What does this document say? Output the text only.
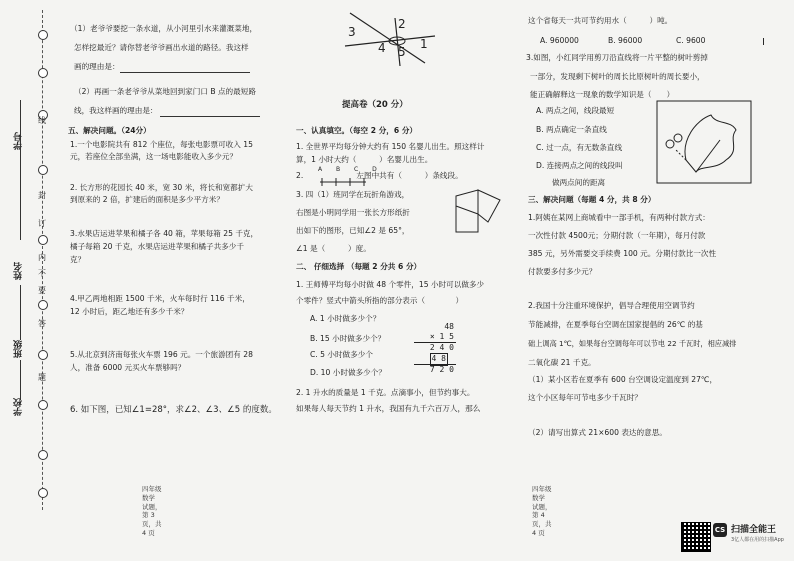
线
封
订
内
不
要
答
题
学号
姓名
班级
学校
（1）老爷爷要挖一条水道，从小河里引水来灌溉菜地，
怎样挖最近？请你替老爷爷画出水道的路径。我这样
画的理由是：
（2）再画一条老爷爷从菜地回到家门口 B 点的最短路
线，我这样画的理由是：
五、解决问题。（24分）
1.一个电影院共有 812 个座位，每张电影票可收入 15
元，若座位全部坐满，这一场电影能收入多少元？
2. 长方形的花园长 40 米，宽 30 米，将长和宽都扩大
到原来的 2 倍，扩建后的面积是多少平方米？
3.水果店运进苹果和橘子各 40 箱，苹果每箱 25 千克，
橘子每箱 20 千克，水果店运进苹果和橘子共多少千
克？
4.甲乙两地相距 1500 千米，火车每时行 116 千米，
12 小时后，距乙地还有多少千米？
5.从北京到济南每张火车票 196 元。一个旅游团有 28
人，准备 6000 元买火车票够吗？
6. 如下图，已知∠1=28°，求∠2、∠3、∠5 的度数。
四年级　数学　　试题，第 3 页，共 4 页
2
3
4 5
1
提高卷（20 分）
一、认真填空。（每空 2 分，6 分）
1. 全世界平均每分钟大约有 150 名婴儿出生。照这样计
算，1 小时大约（　　　）名婴儿出生。
2.　　　　　　　左图中共有（　　　）条线段。
A B C D
3. 四（1）班同学在玩折角游戏，
右图是小明同学用一张长方形纸折
出如下的图形，已知∠2 是 65°，
∠1 是（　　　）度。
二、 仔细选择 （每题 2 分共 6 分）
1. 王师傅平均每小时做 48 个零件，15 小时可以做多少
个零件？竖式中箭头所指的部分表示（　　　　）
A. 1 小时做多少个？
B. 15 小时做多少个？
C. 5 小时做多少个
D. 10 小时做多少个？
48
× 1 5
2 4 0
4 8
7 2 0
2. 1 升水的质量是 1 千克。点滴事小，但节约事大。
如果每人每天节约 1 升水，我国有九千六百万人，那么
这个省每天一共可节约用水（　　　）吨。
A. 960000	B. 96000	C. 9600	I
3.如图，小红同学用剪刀沿直线将一片平整的树叶剪掉
一部分，发现剩下树叶的周长比原树叶的周长要小，
能正确解释这一现象的数学知识是（　　）
A. 两点之间，线段最短
B. 两点确定一条直线
C. 过一点，有无数条直线
D. 连接两点之间的线段叫
做两点间的距离
三、解决问题（每题 4 分，共 8 分）
1.阿姨在某网上商城看中一部手机，有两种付款方式：
一次性付款 4500元；分期付款（一年期），每月付款
385 元，另外需要交手续费 100 元。分期付款比一次性
付款要多付多少元？
2.我国十分注重环境保护，倡导合理使用空调节约
节能减排，在夏季每台空调在国家提倡的 26℃ 的基
础上调高 1℃，如果每台空调每年可以节电 22 千瓦时，相应减排
二氧化碳 21 千克。
（1）某小区若在夏季有 600 台空调设定温度到 27℃，
这个小区每年可节电多少千瓦时？
（2）请写出算式 21×600 表达的意思。
四年级　　数学　　试题，第 4页，共 4 页	CS 扫描全能王
3亿人都在用的扫描App
